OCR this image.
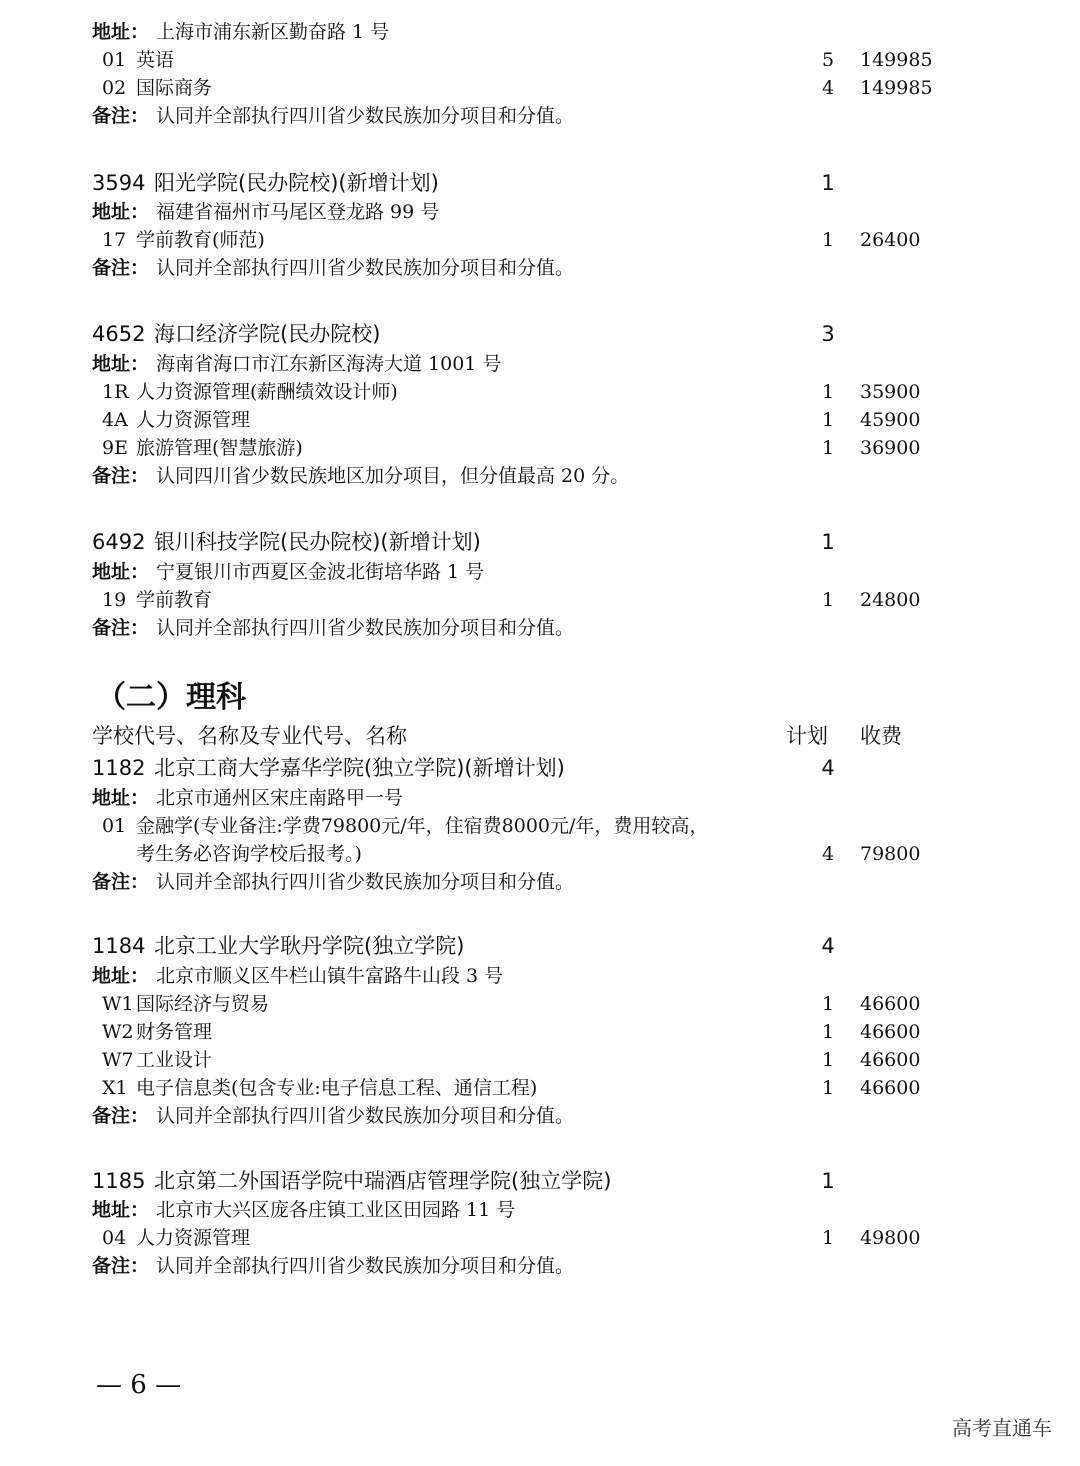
地址： 上海市浦东新区勤奋路 1 号
01 英语	5 149985
02 国际商务	4 149985
备注： 认同并全部执行四川省少数民族加分项目和分值。
3594 阳光学院(民办院校)(新增计划)	1
地址： 福建省福州市马尾区登龙路 99 号
17 学前教育(师范)	1 26400
备注： 认同并全部执行四川省少数民族加分项目和分值。
4652 海口经济学院(民办院校)	3
地址： 海南省海口市江东新区海涛大道 1001 号
1R 人力资源管理(薪酬绩效设计师)	1 35900
4A 人力资源管理	1 45900
9E 旅游管理(智慧旅游)	1 36900
备注： 认同四川省少数民族地区加分项目，但分值最高 20 分。
6492 银川科技学院(民办院校)(新增计划)	1
地址： 宁夏银川市西夏区金波北街培华路 1 号
19 学前教育	1 24800
备注： 认同并全部执行四川省少数民族加分项目和分值。
学校代号、名称及专业代号、名称	计划 收费
1182 北京工商大学嘉华学院(独立学院)(新增计划)	4
地址： 北京市通州区宋庄南路甲一号
01 金融学(专业备注:学费79800元/年，住宿费8000元/年，费用较高，
考生务必咨询学校后报考。)	4 79800
备注： 认同并全部执行四川省少数民族加分项目和分值。
1184 北京工业大学耿丹学院(独立学院)	4
地址： 北京市顺义区牛栏山镇牛富路牛山段 3 号
W1 国际经济与贸易	1 46600
W2 财务管理	1 46600
W7 工业设计	1 46600
X1 电子信息类(包含专业:电子信息工程、通信工程)	1 46600
备注： 认同并全部执行四川省少数民族加分项目和分值。
1185 北京第二外国语学院中瑞酒店管理学院(独立学院)	1
地址： 北京市大兴区庞各庄镇工业区田园路 11 号
04 人力资源管理	1 49800
备注： 认同并全部执行四川省少数民族加分项目和分值。
（二）理科
— 6 —
高考直通车
